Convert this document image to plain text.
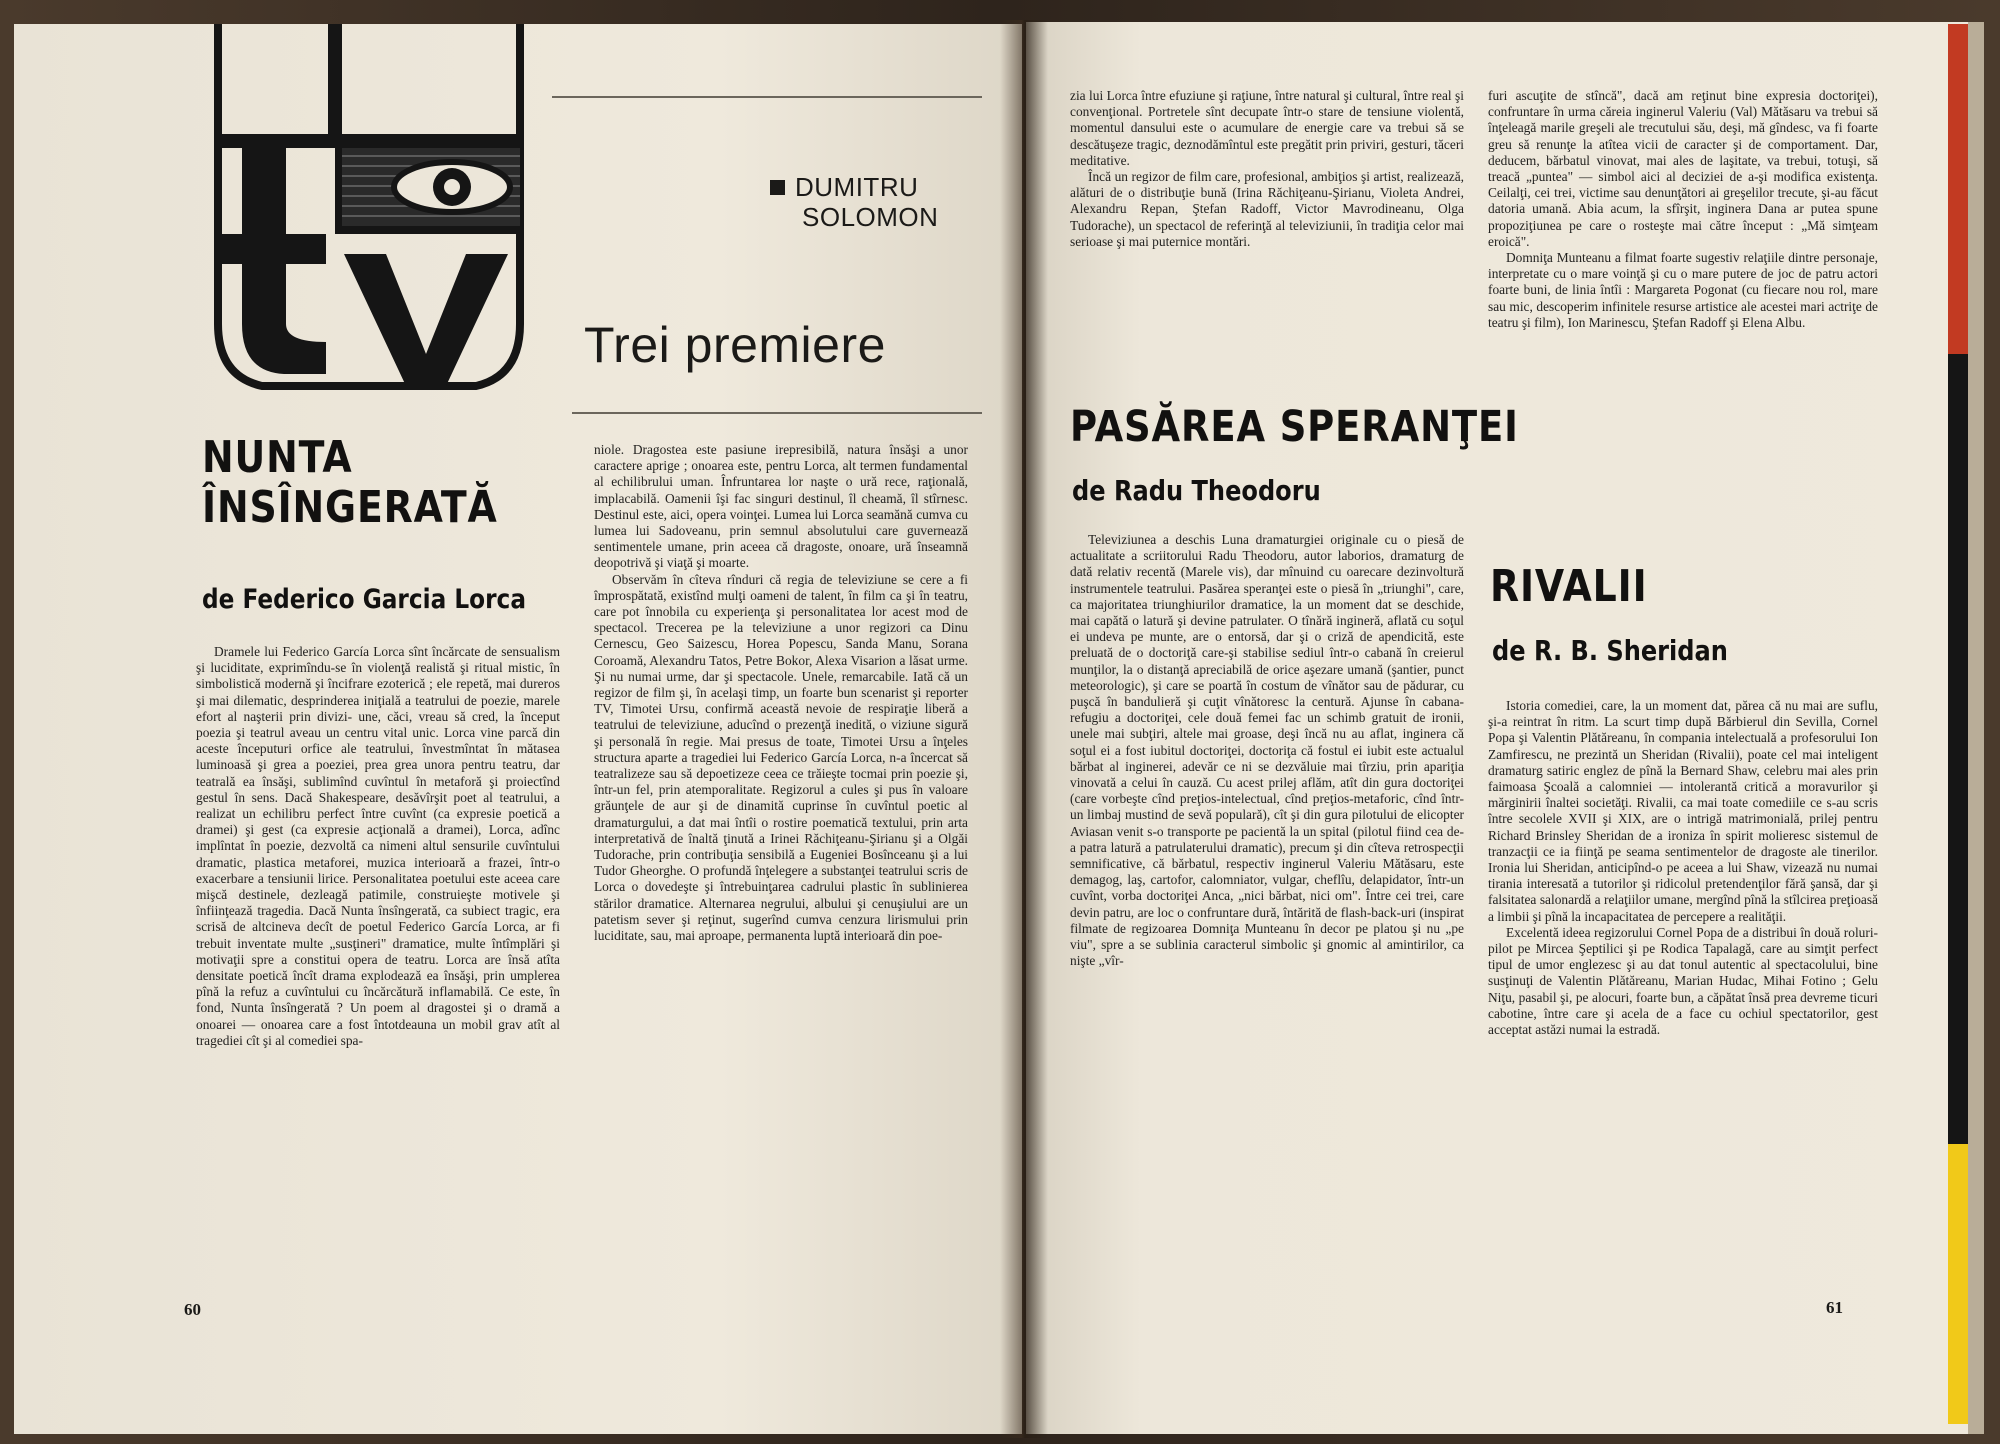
DUMITRU
SOLOMON
Trei premiere
NUNTA
ÎNSÎNGERATĂ
de Federico Garcia Lorca

Dramele lui Federico García Lorca sînt încărcate de sensualism şi luciditate, exprimîndu-se în violenţă realistă şi ritual mistic, în simbolistică modernă şi încifrare ezoterică ; ele repetă, mai dureros şi mai dilematic, desprinderea iniţială a teatrului de poezie, marele efort al naşterii prin divizi- une, căci, vreau să cred, la început poezia şi teatrul aveau un centru vital unic. Lorca vine parcă din aceste începuturi orfice ale teatrului, învestmîntat în mătasea luminoasă şi grea a poeziei, prea grea unora pentru teatru, dar teatrală ea însăşi, sublimînd cuvîntul în metaforă şi proiectînd gestul în sens. Dacă Shakespeare, desăvîrşit poet al teatrului, a realizat un echilibru perfect între cuvînt (ca expresie poetică a dramei) şi gest (ca expresie acţională a dramei), Lorca, adînc implîntat în poezie, dezvoltă ca nimeni altul sensurile cuvîntului dramatic, plastica metaforei, muzica interioară a frazei, într-o exacerbare a tensiunii lirice. Personalitatea poetului este aceea care mişcă destinele, dezleagă patimile, construieşte motivele şi înfiinţează tragedia. Dacă Nunta însîngerată, ca subiect tragic, era scrisă de altcineva decît de poetul Federico García Lorca, ar fi trebuit inventate multe „susţineri" dramatice, multe întîmplări şi motivaţii spre a constitui opera de teatru. Lorca are însă atîta densitate poetică încît drama explodează ea însăşi, prin umplerea pînă la refuz a cuvîntului cu încărcătură inflamabilă. Ce este, în fond, Nunta însîngerată ? Un poem al dragostei şi o dramă a onoarei — onoarea care a fost întotdeauna un mobil grav atît al tragediei cît şi al comediei spa-

niole. Dragostea este pasiune irepresibilă, natura însăşi a unor caractere aprige ; onoarea este, pentru Lorca, alt termen fundamental al echilibrului uman. Înfruntarea lor naşte o ură rece, raţională, implacabilă. Oamenii îşi fac singuri destinul, îl cheamă, îl stîrnesc. Destinul este, aici, opera voinţei. Lumea lui Lorca seamănă cumva cu lumea lui Sadoveanu, prin semnul absolutului care guvernează sentimentele umane, prin aceea că dragoste, onoare, ură înseamnă deopotrivă şi viaţă şi moarte.

Observăm în cîteva rînduri că regia de televiziune se cere a fi împrospătată, existînd mulţi oameni de talent, în film ca şi în teatru, care pot înnobila cu experienţa şi personalitatea lor acest mod de spectacol. Trecerea pe la televiziune a unor regizori ca Dinu Cernescu, Geo Saizescu, Horea Popescu, Sanda Manu, Sorana Coroamă, Alexandru Tatos, Petre Bokor, Alexa Visarion a lăsat urme. Şi nu numai urme, dar şi spectacole. Unele, remarcabile. Iată că un regizor de film şi, în acelaşi timp, un foarte bun scenarist şi reporter TV, Timotei Ursu, confirmă această nevoie de respiraţie liberă a teatrului de televiziune, aducînd o prezenţă inedită, o viziune sigură şi personală în regie. Mai presus de toate, Timotei Ursu a înţeles structura aparte a tragediei lui Federico García Lorca, n-a încercat să teatralizeze sau să depoetizeze ceea ce trăieşte tocmai prin poezie şi, într-un fel, prin atemporalitate. Regizorul a cules şi pus în valoare grăunţele de aur şi de dinamită cuprinse în cuvîntul poetic al dramaturgului, a dat mai întîi o rostire poematică textului, prin arta interpretativă de înaltă ţinută a Irinei Răchiţeanu-Şirianu şi a Olgăi Tudorache, prin contribuţia sensibilă a Eugeniei Bosînceanu şi a lui Tudor Gheorghe. O profundă înţelegere a substanţei teatrului scris de Lorca o dovedeşte şi întrebuinţarea cadrului plastic în sublinierea stărilor dramatice. Alternarea negrului, albului şi cenuşiului are un patetism sever şi reţinut, sugerînd cumva cenzura lirismului prin luciditate, sau, mai aproape, permanenta luptă interioară din poe-

60

zia lui Lorca între efuziune şi raţiune, între natural şi cultural, între real şi convenţional. Portretele sînt decupate într-o stare de tensiune violentă, momentul dansului este o acumulare de energie care va trebui să se descătuşeze tragic, deznodămîntul este pregătit prin priviri, gesturi, tăceri meditative.

Încă un regizor de film care, profesional, ambiţios şi artist, realizează, alături de o distribuţie bună (Irina Răchiţeanu-Şirianu, Violeta Andrei, Alexandru Repan, Ştefan Radoff, Victor Mavrodineanu, Olga Tudorache), un spectacol de referinţă al televiziunii, în tradiţia celor mai serioase şi mai puternice montări.

PASĂREA SPERANŢEI
de Radu Theodoru

Televiziunea a deschis Luna dramaturgiei originale cu o piesă de actualitate a scriitorului Radu Theodoru, autor laborios, dramaturg de dată relativ recentă (Marele vis), dar mînuind cu oarecare dezinvoltură instrumentele teatrului. Pasărea speranţei este o piesă în „triunghi", care, ca majoritatea triunghiurilor dramatice, la un moment dat se deschide, mai capătă o latură şi devine patrulater. O tînără ingineră, aflată cu soţul ei undeva pe munte, are o entorsă, dar şi o criză de apendicită, este preluată de o doctoriţă care-şi stabilise sediul într-o cabană în creierul munţilor, la o distanţă apreciabilă de orice aşezare umană (şantier, punct meteorologic), şi care se poartă în costum de vînător sau de pădurar, cu puşcă în bandulieră şi cuţit vînătoresc la centură. Ajunse în cabana-refugiu a doctoriţei, cele două femei fac un schimb gratuit de ironii, unele mai subţiri, altele mai groase, deşi încă nu au aflat, inginera că soţul ei a fost iubitul doctoriţei, doctoriţa că fostul ei iubit este actualul bărbat al inginerei, adevăr ce ni se dezvăluie mai tîrziu, prin apariţia vinovată a celui în cauză. Cu acest prilej aflăm, atît din gura doctoriţei (care vorbeşte cînd preţios-intelectual, cînd preţios-metaforic, cînd într-un limbaj mustind de sevă populară), cît şi din gura pilotului de elicopter Aviasan venit s-o transporte pe pacientă la un spital (pilotul fiind cea de-a patra latură a patrulaterului dramatic), precum şi din cîteva retrospecţii semnificative, că bărbatul, respectiv inginerul Valeriu Mătăsaru, este demagog, laş, cartofor, calomniator, vulgar, cheflîu, delapidator, într-un cuvînt, vorba doctoriţei Anca, „nici bărbat, nici om". Între cei trei, care devin patru, are loc o confruntare dură, întărită de flash-back-uri (inspirat filmate de regizoarea Domniţa Munteanu în decor pe platou şi nu „pe viu", spre a se sublinia caracterul simbolic şi gnomic al amintirilor, ca nişte „vîr-

furi ascuţite de stîncă", dacă am reţinut bine expresia doctoriţei), confruntare în urma căreia inginerul Valeriu (Val) Mătăsaru va trebui să înţeleagă marile greşeli ale trecutului său, deşi, mă gîndesc, va fi foarte greu să renunţe la atîtea vicii de caracter şi de comportament. Dar, deducem, bărbatul vinovat, mai ales de laşitate, va trebui, totuşi, să treacă „puntea" — simbol aici al deciziei de a-şi modifica existenţa. Ceilalţi, cei trei, victime sau denunţători ai greşelilor trecute, şi-au făcut datoria umană. Abia acum, la sfîrşit, inginera Dana ar putea spune propoziţiunea pe care o rosteşte mai către început : „Mă simţeam eroică".

Domniţa Munteanu a filmat foarte sugestiv relaţiile dintre personaje, interpretate cu o mare voinţă şi cu o mare putere de joc de patru actori foarte buni, de linia întîi : Margareta Pogonat (cu fiecare nou rol, mare sau mic, descoperim infinitele resurse artistice ale acestei mari actriţe de teatru şi film), Ion Marinescu, Ştefan Radoff şi Elena Albu.

RIVALII
de R. B. Sheridan

Istoria comediei, care, la un moment dat, părea că nu mai are suflu, şi-a reintrat în ritm. La scurt timp după Bărbierul din Sevilla, Cornel Popa şi Valentin Plătăreanu, în compania intelectuală a profesorului Ion Zamfirescu, ne prezintă un Sheridan (Rivalii), poate cel mai inteligent dramaturg satiric englez de pînă la Bernard Shaw, celebru mai ales prin faimoasa Şcoală a calomniei — intolerantă critică a moravurilor şi mărginirii înaltei societăţi. Rivalii, ca mai toate comediile ce s-au scris între secolele XVII şi XIX, are o intrigă matrimonială, prilej pentru Richard Brinsley Sheridan de a ironiza în spirit molieresc sistemul de tranzacţii ce ia fiinţă pe seama sentimentelor de dragoste ale tinerilor. Ironia lui Sheridan, anticipînd-o pe aceea a lui Shaw, vizează nu numai tirania interesată a tutorilor şi ridicolul pretendenţilor fără şansă, dar şi falsitatea salonardă a relaţiilor umane, mergînd pînă la stîlcirea preţioasă a limbii şi pînă la incapacitatea de percepere a realităţii.

Excelentă ideea regizorului Cornel Popa de a distribui în două roluri-pilot pe Mircea Şeptilici şi pe Rodica Tapalagă, care au simţit perfect tipul de umor englezesc şi au dat tonul autentic al spectacolului, bine susţinuţi de Valentin Plătăreanu, Marian Hudac, Mihai Fotino ; Gelu Niţu, pasabil şi, pe alocuri, foarte bun, a căpătat însă prea devreme ticuri cabotine, între care şi acela de a face cu ochiul spectatorilor, gest acceptat astăzi numai la estradă.

61
